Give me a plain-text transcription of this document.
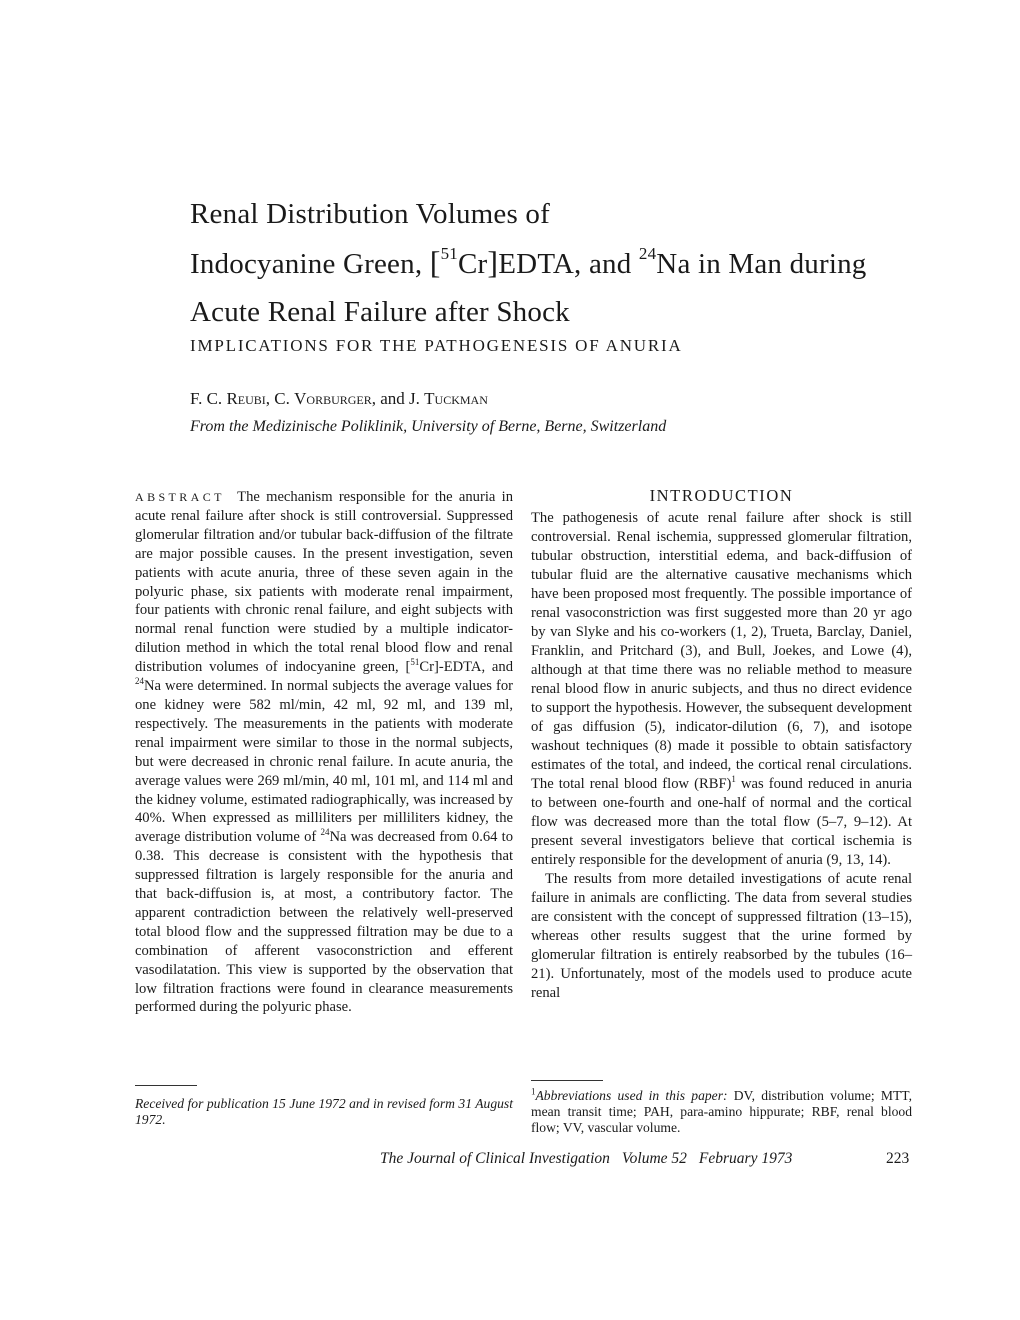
Renal Distribution Volumes of
Indocyanine Green, [$^{51}$Cr]EDTA, and $^{24}$Na in Man during
Acute Renal Failure after Shock
IMPLICATIONS FOR THE PATHOGENESIS OF ANURIA
F. C. Reubi, C. Vorburger, and J. Tuckman
From the Medizinische Poliklinik, University of Berne, Berne, Switzerland
ABSTRACT The mechanism responsible for the anuria in acute renal failure after shock is still controversial. Suppressed glomerular filtration and/or tubular back-diffusion of the filtrate are major possible causes. In the present investigation, seven patients with acute anuria, three of these seven again in the polyuric phase, six patients with moderate renal impairment, four patients with chronic renal failure, and eight subjects with normal renal function were studied by a multiple indicator-dilution method in which the total renal blood flow and renal distribution volumes of indocyanine green, [$^{51}$Cr]-EDTA, and $^{24}$Na were determined. In normal subjects the average values for one kidney were 582 ml/min, 42 ml, 92 ml, and 139 ml, respectively. The measurements in the patients with moderate renal impairment were similar to those in the normal subjects, but were decreased in chronic renal failure. In acute anuria, the average values were 269 ml/min, 40 ml, 101 ml, and 114 ml and the kidney volume, estimated radiographically, was increased by 40%. When expressed as milliliters per milliliters kidney, the average distribution volume of $^{24}$Na was decreased from 0.64 to 0.38. This decrease is consistent with the hypothesis that suppressed filtration is largely responsible for the anuria and that back-diffusion is, at most, a contributory factor. The apparent contradiction between the relatively well-preserved total blood flow and the suppressed filtration may be due to a combination of afferent vasoconstriction and efferent vasodilatation. This view is supported by the observation that low filtration fractions were found in clearance measurements performed during the polyuric phase.
Received for publication 15 June 1972 and in revised form 31 August 1972.
INTRODUCTION

The pathogenesis of acute renal failure after shock is still controversial. Renal ischemia, suppressed glomerular filtration, tubular obstruction, interstitial edema, and back-diffusion of tubular fluid are the alternative causative mechanisms which have been proposed most frequently. The possible importance of renal vasoconstriction was first suggested more than 20 yr ago by van Slyke and his co-workers (1, 2), Trueta, Barclay, Daniel, Franklin, and Pritchard (3), and Bull, Joekes, and Lowe (4), although at that time there was no reliable method to measure renal blood flow in anuric subjects, and thus no direct evidence to support the hypothesis. However, the subsequent development of gas diffusion (5), indicator-dilution (6, 7), and isotope washout techniques (8) made it possible to obtain satisfactory estimates of the total, and indeed, the cortical renal circulations. The total renal blood flow (RBF)$^1$ was found reduced in anuria to between one-fourth and one-half of normal and the cortical flow was decreased more than the total flow (5–7, 9–12). At present several investigators believe that cortical ischemia is entirely responsible for the development of anuria (9, 13, 14).

The results from more detailed investigations of acute renal failure in animals are conflicting. The data from several studies are consistent with the concept of suppressed filtration (13–15), whereas other results suggest that the urine formed by glomerular filtration is entirely reabsorbed by the tubules (16–21). Unfortunately, most of the models used to produce acute renal

$^1$Abbreviations used in this paper: DV, distribution volume; MTT, mean transit time; PAH, para-amino hippurate; RBF, renal blood flow; VV, vascular volume.
The Journal of Clinical Investigation Volume 52 February 1973	223
